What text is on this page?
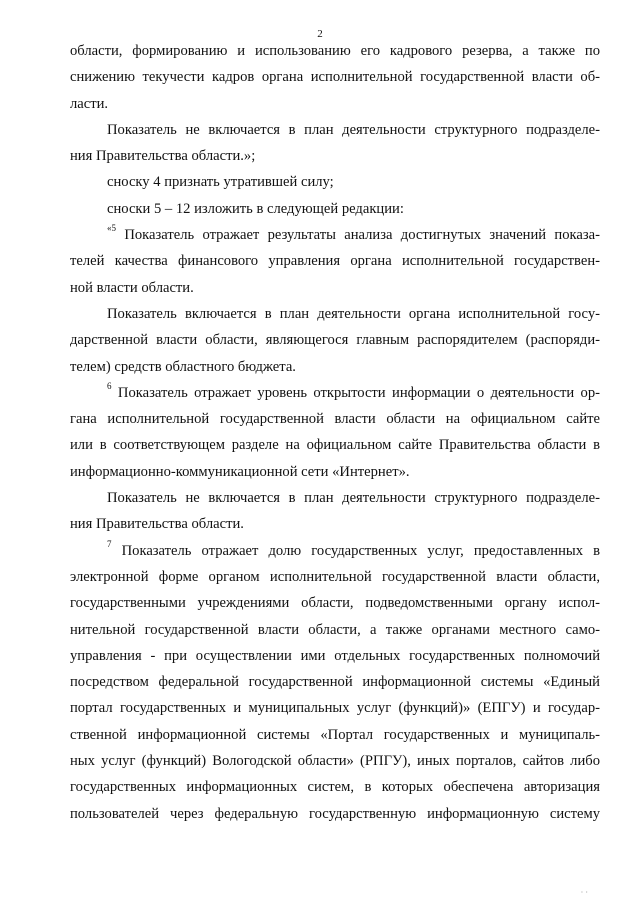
2
области, формированию и использованию его кадрового резерва, а также по
снижению текучести кадров органа исполнительной государственной власти об-
ласти.
Показатель не включается в план деятельности структурного подразделе-
ния Правительства области.»;
сноску 4 признать утратившей силу;
сноски 5 – 12 изложить в следующей редакции:
$^{«5}$ Показатель отражает результаты анализа достигнутых значений показа-
телей качества финансового управления органа исполнительной государствен-
ной власти области.
Показатель включается в план деятельности органа исполнительной госу-
дарственной власти области, являющегося главным распорядителем (распоряди-
телем) средств областного бюджета.
$^6$ Показатель отражает уровень открытости информации о деятельности ор-
гана исполнительной государственной власти области на официальном сайте
или в соответствующем разделе на официальном сайте Правительства области в
информационно-коммуникационной сети «Интернет».
Показатель не включается в план деятельности структурного подразделе-
ния Правительства области.
$^7$ Показатель отражает долю государственных услуг, предоставленных в
электронной форме органом исполнительной государственной власти области,
государственными учреждениями области, подведомственными органу испол-
нительной государственной власти области, а также органами местного само-
управления - при осуществлении ими отдельных государственных полномочий
посредством федеральной государственной информационной системы «Единый
портал государственных и муниципальных услуг (функций)» (ЕПГУ) и государ-
ственной информационной системы «Портал государственных и муниципаль-
ных услуг (функций) Вологодской области» (РПГУ), иных порталов, сайтов либо
государственных информационных систем, в которых обеспечена авторизация
пользователей через федеральную государственную информационную систему
· ·
